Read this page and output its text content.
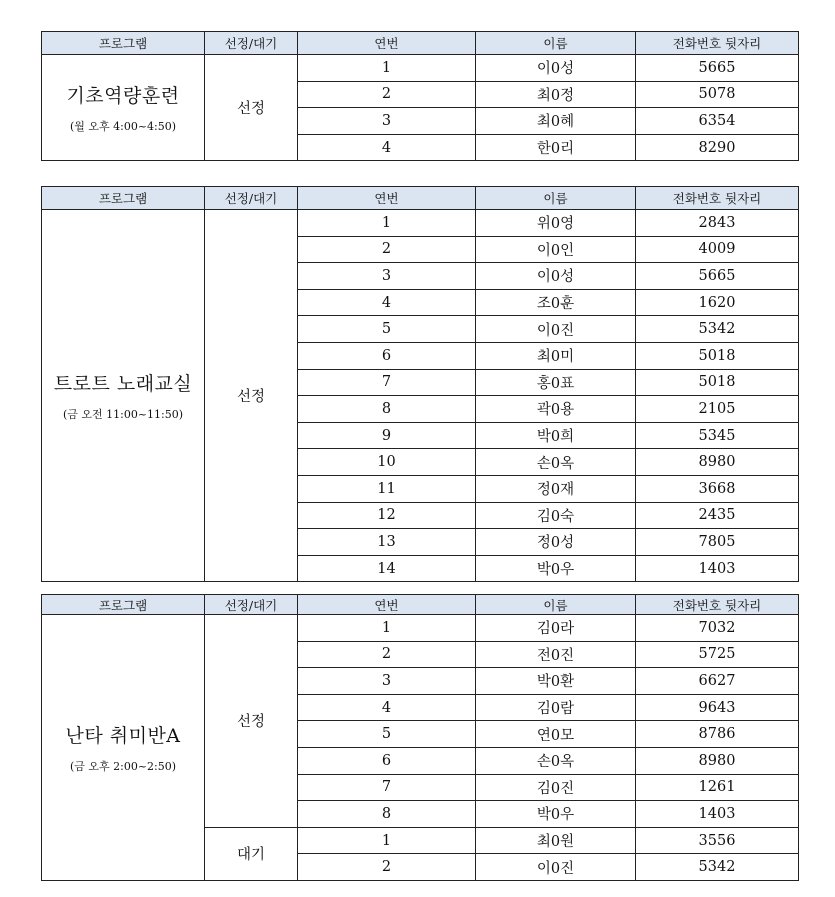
프로그램	선정/대기	연번	이름	전화번호 뒷자리

기초역량훈련
(월 오후 4:00~4:50)	선정	1	이0성	5665
		2	최0정	5078
		3	최0혜	6354
		4	한0리	8290
프로그램	선정/대기	연번	이름	전화번호 뒷자리

트로트 노래교실
(금 오전 11:00~11:50)	선정	1	위0영	2843
		2	이0인	4009
		3	이0성	5665
		4	조0훈	1620
		5	이0진	5342
		6	최0미	5018
		7	홍0표	5018
		8	곽0용	2105
		9	박0희	5345
		10	손0옥	8980
		11	정0재	3668
		12	김0숙	2435
		13	정0성	7805
		14	박0우	1403
프로그램	선정/대기	연번	이름	전화번호 뒷자리

난타 취미반A
(금 오후 2:00~2:50)	선정	1	김0라	7032
		2	전0진	5725
		3	박0환	6627
		4	김0람	9643
		5	연0모	8786
		6	손0옥	8980
		7	김0진	1261
		8	박0우	1403
	대기	1	최0원	3556
		2	이0진	5342
